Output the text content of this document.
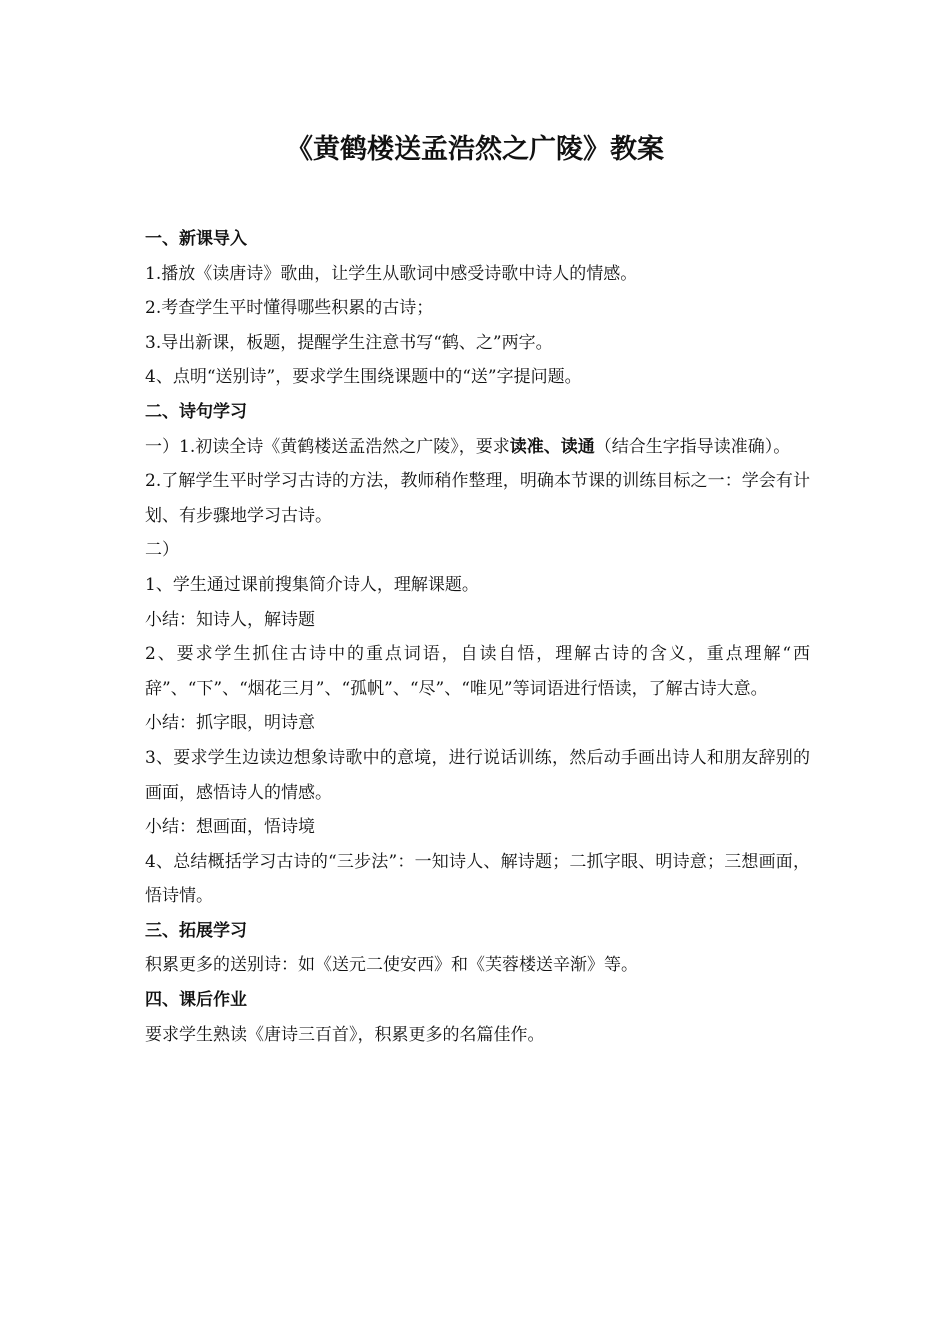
《黄鹤楼送孟浩然之广陵》教案
一、新课导入
1.播放《读唐诗》歌曲，让学生从歌词中感受诗歌中诗人的情感。
2.考查学生平时懂得哪些积累的古诗；
3.导出新课，板题，提醒学生注意书写“鹤、之”两字。
4、点明“送别诗”，要求学生围绕课题中的“送”字提问题。
二、诗句学习
一）1.初读全诗《黄鹤楼送孟浩然之广陵》，要求读准、读通（结合生字指导读准确）。
2.了解学生平时学习古诗的方法，教师稍作整理，明确本节课的训练目标之一：学会有计划、有步骤地学习古诗。
二）
1、学生通过课前搜集简介诗人，理解课题。
小结：知诗人，解诗题
2、要求学生抓住古诗中的重点词语，自读自悟，理解古诗的含义，重点理解“西辞”、“下”、“烟花三月”、“孤帆”、“尽”、“唯见”等词语进行悟读，了解古诗大意。
小结：抓字眼，明诗意
3、要求学生边读边想象诗歌中的意境，进行说话训练，然后动手画出诗人和朋友辞别的画面，感悟诗人的情感。
小结：想画面，悟诗境
4、总结概括学习古诗的“三步法”：一知诗人、解诗题；二抓字眼、明诗意；三想画面，悟诗情。
三、拓展学习
积累更多的送别诗：如《送元二使安西》和《芙蓉楼送辛渐》等。
四、课后作业
要求学生熟读《唐诗三百首》，积累更多的名篇佳作。
